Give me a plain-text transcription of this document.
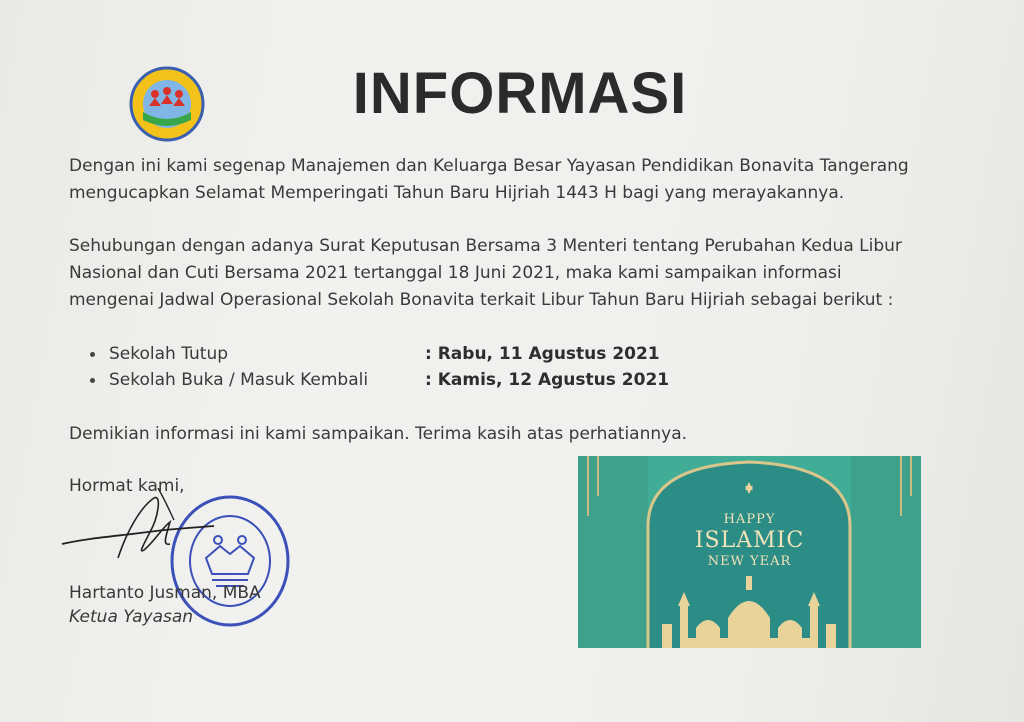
INFORMASI
Dengan ini kami segenap Manajemen dan Keluarga Besar Yayasan Pendidikan Bonavita Tangerang
mengucapkan Selamat Memperingati Tahun Baru Hijriah 1443 H bagi yang merayakannya.
Sehubungan dengan adanya Surat Keputusan Bersama 3 Menteri tentang Perubahan Kedua Libur
Nasional dan Cuti Bersama 2021 tertanggal 18 Juni 2021, maka kami sampaikan informasi
mengenai Jadwal Operasional Sekolah Bonavita terkait Libur Tahun Baru Hijriah sebagai berikut :
Sekolah Tutup	: Rabu, 11 Agustus 2021
Sekolah Buka / Masuk Kembali	: Kamis, 12 Agustus 2021
Demikian informasi ini kami sampaikan. Terima kasih atas perhatiannya.
Hormat kami,
Hartanto Jusman, MBA
Ketua Yayasan
HAPPY
ISLAMIC
NEW YEAR
